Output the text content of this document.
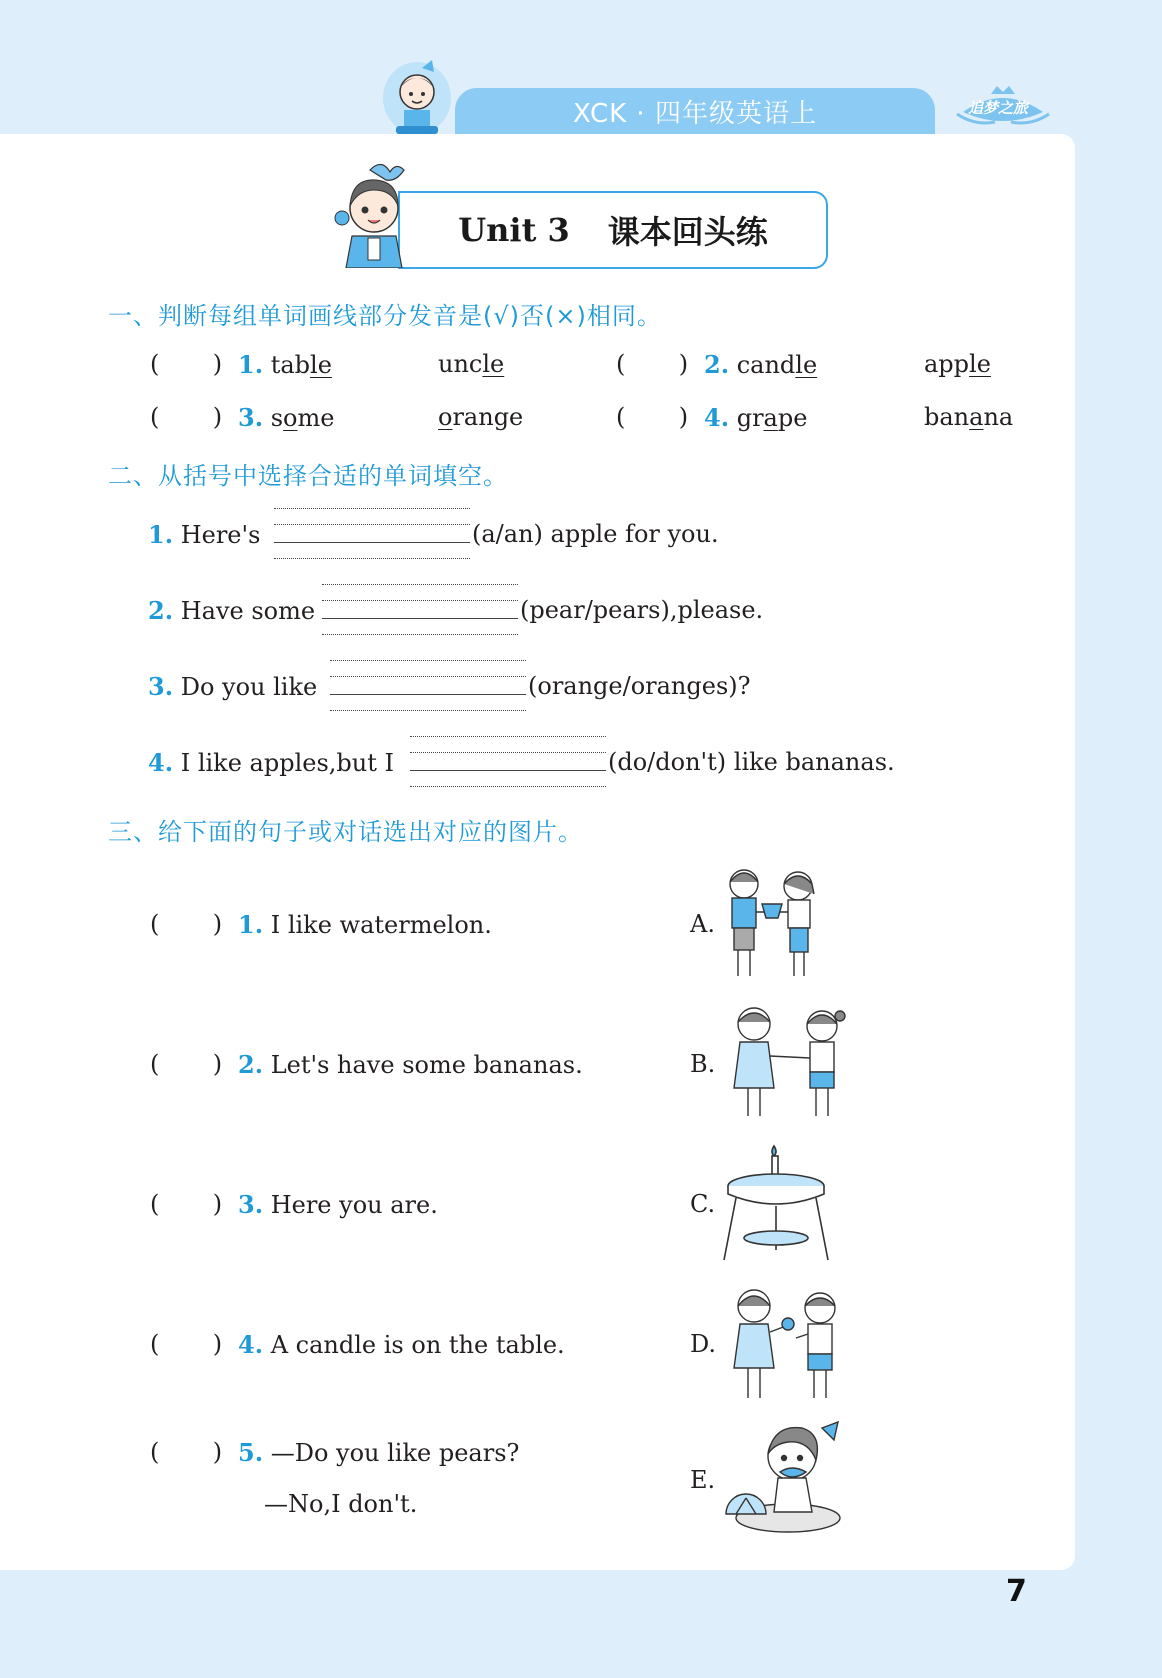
XCK · 四年级英语上	追梦之旅
Unit 3 课本回头练
一、判断每组单词画线部分发音是(√)否(×)相同。
(       ) 1. table	uncle	(       ) 2. candle	apple
(       ) 3. some	orange	(       ) 4. grape	banana
二、从括号中选择合适的单词填空。
1. Here's	(a/an) apple for you.
2. Have some	(pear/pears),please.
3. Do you like	(orange/oranges)?
4. I like apples,but I	(do/don't) like bananas.
三、给下面的句子或对话选出对应的图片。
(       ) 1. I like watermelon.
(       ) 2. Let's have some bananas.
(       ) 3. Here you are.
(       ) 4. A candle is on the table.
(       ) 5. —Do you like pears?
—No,I don't.
A.
B.
C.
D.
E.
7
